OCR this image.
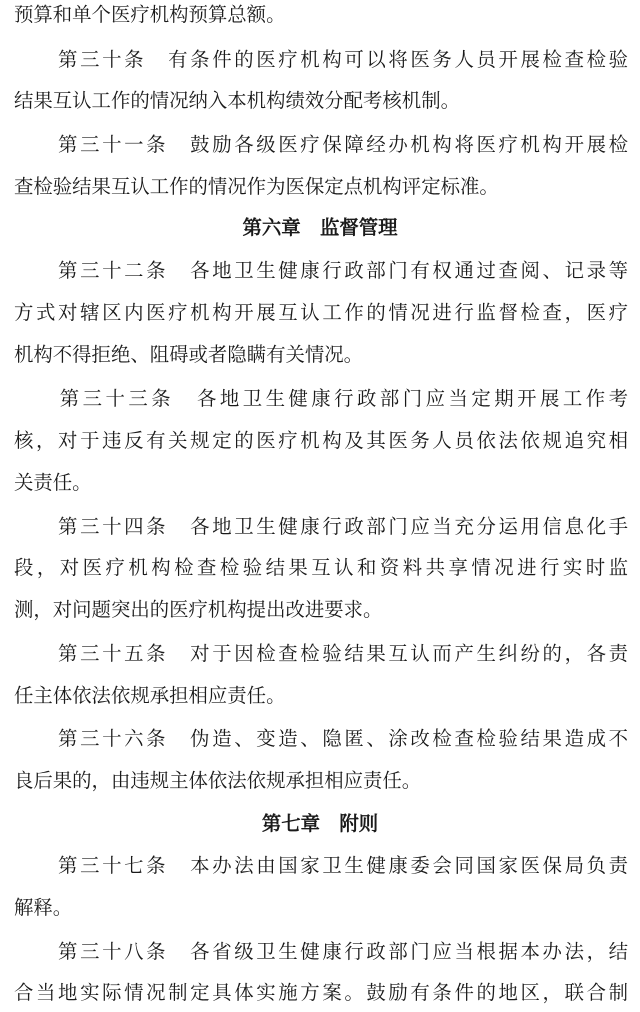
预算和单个医疗机构预算总额。
　　第三十条　有条件的医疗机构可以将医务人员开展检查检验
结果互认工作的情况纳入本机构绩效分配考核机制。
　　第三十一条　鼓励各级医疗保障经办机构将医疗机构开展检
查检验结果互认工作的情况作为医保定点机构评定标准。
第六章　监督管理
　　第三十二条　各地卫生健康行政部门有权通过查阅、记录等
方式对辖区内医疗机构开展互认工作的情况进行监督检查，医疗
机构不得拒绝、阻碍或者隐瞒有关情况。
　　第三十三条　各地卫生健康行政部门应当定期开展工作考
核，对于违反有关规定的医疗机构及其医务人员依法依规追究相
关责任。
　　第三十四条　各地卫生健康行政部门应当充分运用信息化手
段，对医疗机构检查检验结果互认和资料共享情况进行实时监
测，对问题突出的医疗机构提出改进要求。
　　第三十五条　对于因检查检验结果互认而产生纠纷的，各责
任主体依法依规承担相应责任。
　　第三十六条　伪造、变造、隐匿、涂改检查检验结果造成不
良后果的，由违规主体依法依规承担相应责任。
第七章　附则
　　第三十七条　本办法由国家卫生健康委会同国家医保局负责
解释。
　　第三十八条　各省级卫生健康行政部门应当根据本办法，结
合当地实际情况制定具体实施方案。鼓励有条件的地区，联合制
